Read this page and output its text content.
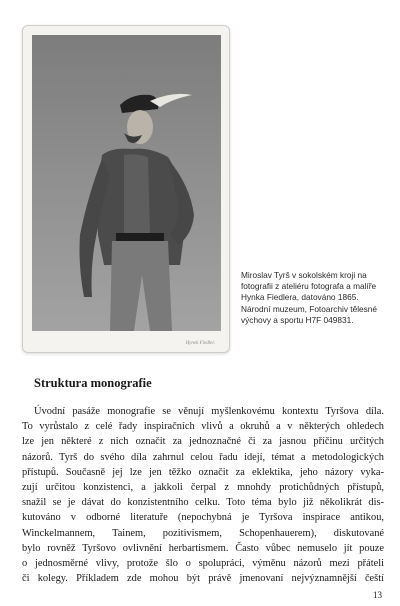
Hynek Fiedler.
Miroslav Tyrš v sokolském kroji na
fotografii z ateliéru fotografa a malíře
Hynka Fiedlera, datováno 1865.
Národní muzeum, Fotoarchiv tělesné
výchovy a sportu H7F 049831.
Struktura monografie
Úvodní pasáže monografie se věnují myšlenkovému kontextu Tyršova díla.
To vyrůstalo z celé řady inspiračních vlivů a okruhů a v některých ohledech
lze jen některé z nich označit za jednoznačné či za jasnou příčinu určitých
názorů. Tyrš do svého díla zahrnul celou řadu idejí, témat a metodologických
přístupů. Současně jej lze jen těžko označit za eklektika, jeho názory vyka-
zují určitou konzistenci, a jakkoli čerpal z mnohdy protichůdných přístupů,
snažil se je dávat do konzistentního celku. Toto téma bylo již několikrát dis-
kutováno v odborné literatuře (nepochybná je Tyršova inspirace antikou,
Winckelmannem, Tainem, pozitivismem, Schopenhauerem), diskutované
bylo rovněž Tyršovo ovlivnění herbartismem. Často vůbec nemuselo jít pouze
o jednosměrné vlivy, protože šlo o spolupráci, výměnu názorů mezi přáteli
či kolegy. Příkladem zde mohou být právě jmenovaní nejvýznamnější čeští
13
